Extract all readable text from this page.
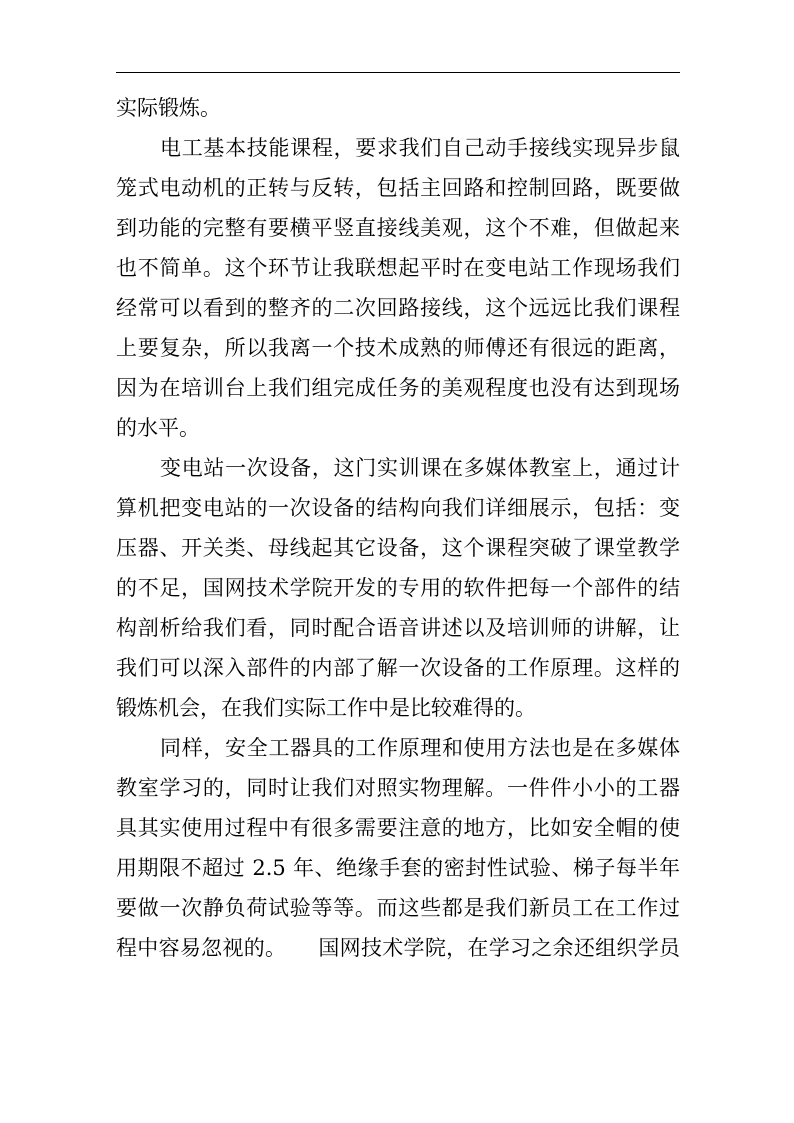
实际锻炼。
电工基本技能课程，要求我们自己动手接线实现异步鼠
笼式电动机的正转与反转，包括主回路和控制回路，既要做
到功能的完整有要横平竖直接线美观，这个不难，但做起来
也不简单。这个环节让我联想起平时在变电站工作现场我们
经常可以看到的整齐的二次回路接线，这个远远比我们课程
上要复杂，所以我离一个技术成熟的师傅还有很远的距离，
因为在培训台上我们组完成任务的美观程度也没有达到现场
的水平。
变电站一次设备，这门实训课在多媒体教室上，通过计
算机把变电站的一次设备的结构向我们详细展示，包括：变
压器、开关类、母线起其它设备，这个课程突破了课堂教学
的不足，国网技术学院开发的专用的软件把每一个部件的结
构剖析给我们看，同时配合语音讲述以及培训师的讲解，让
我们可以深入部件的内部了解一次设备的工作原理。这样的
锻炼机会，在我们实际工作中是比较难得的。
同样，安全工器具的工作原理和使用方法也是在多媒体
教室学习的，同时让我们对照实物理解。一件件小小的工器
具其实使用过程中有很多需要注意的地方，比如安全帽的使
用期限不超过 2.5 年、绝缘手套的密封性试验、梯子每半年
要做一次静负荷试验等等。而这些都是我们新员工在工作过
程中容易忽视的。　　国网技术学院，在学习之余还组织学员
